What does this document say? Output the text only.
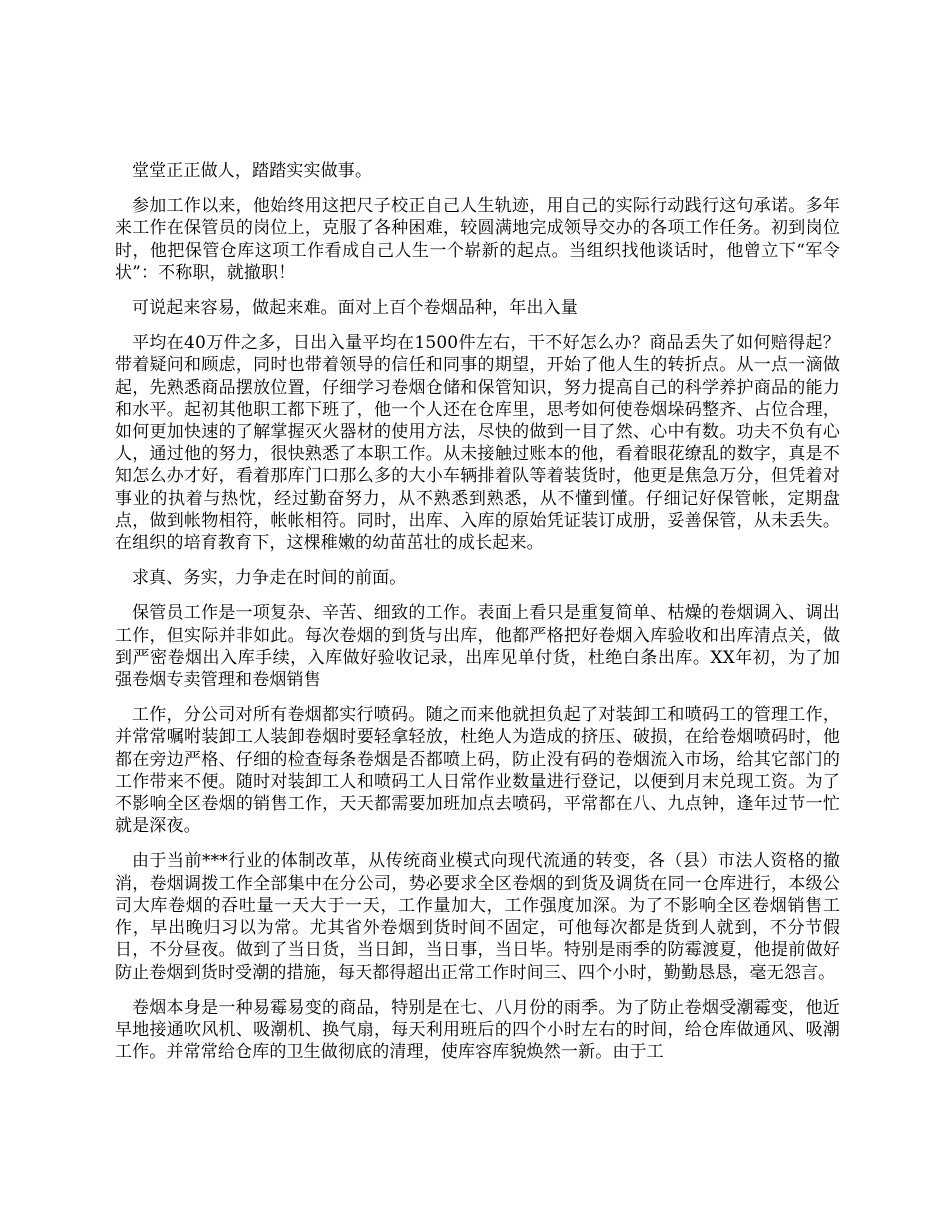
堂堂正正做人，踏踏实实做事。

参加工作以来，他始终用这把尺子校正自己人生轨迹，用自己的实际行动践行这句承诺。多年来工作在保管员的岗位上，克服了各种困难，较圆满地完成领导交办的各项工作任务。初到岗位时，他把保管仓库这项工作看成自己人生一个崭新的起点。当组织找他谈话时，他曾立下“军令状”：不称职，就撤职！

可说起来容易，做起来难。面对上百个卷烟品种，年出入量

平均在40万件之多，日出入量平均在1500件左右，干不好怎么办？商品丢失了如何赔得起？带着疑问和顾虑，同时也带着领导的信任和同事的期望，开始了他人生的转折点。从一点一滴做起，先熟悉商品摆放位置，仔细学习卷烟仓储和保管知识，努力提高自己的科学养护商品的能力和水平。起初其他职工都下班了，他一个人还在仓库里，思考如何使卷烟垛码整齐、占位合理，如何更加快速的了解掌握灭火器材的使用方法，尽快的做到一目了然、心中有数。功夫不负有心人，通过他的努力，很快熟悉了本职工作。从未接触过账本的他，看着眼花缭乱的数字，真是不知怎么办才好，看着那库门口那么多的大小车辆排着队等着装货时，他更是焦急万分，但凭着对事业的执着与热忱，经过勤奋努力，从不熟悉到熟悉，从不懂到懂。仔细记好保管帐，定期盘点，做到帐物相符，帐帐相符。同时，出库、入库的原始凭证装订成册，妥善保管，从未丢失。在组织的培育教育下，这棵稚嫩的幼苗茁壮的成长起来。

求真、务实，力争走在时间的前面。

保管员工作是一项复杂、辛苦、细致的工作。表面上看只是重复简单、枯燥的卷烟调入、调出工作，但实际并非如此。每次卷烟的到货与出库，他都严格把好卷烟入库验收和出库清点关，做到严密卷烟出入库手续，入库做好验收记录，出库见单付货，杜绝白条出库。XX年初，为了加强卷烟专卖管理和卷烟销售

工作，分公司对所有卷烟都实行喷码。随之而来他就担负起了对装卸工和喷码工的管理工作，并常常嘱咐装卸工人装卸卷烟时要轻拿轻放，杜绝人为造成的挤压、破损，在给卷烟喷码时，他都在旁边严格、仔细的检查每条卷烟是否都喷上码，防止没有码的卷烟流入市场，给其它部门的工作带来不便。随时对装卸工人和喷码工人日常作业数量进行登记，以便到月末兑现工资。为了不影响全区卷烟的销售工作，天天都需要加班加点去喷码，平常都在八、九点钟，逢年过节一忙就是深夜。

由于当前***行业的体制改革，从传统商业模式向现代流通的转变，各（县）市法人资格的撤消，卷烟调拨工作全部集中在分公司，势必要求全区卷烟的到货及调货在同一仓库进行，本级公司大库卷烟的吞吐量一天大于一天，工作量加大，工作强度加深。为了不影响全区卷烟销售工作，早出晚归习以为常。尤其省外卷烟到货时间不固定，可他每次都是货到人就到，不分节假日，不分昼夜。做到了当日货，当日卸，当日事，当日毕。特别是雨季的防霉渡夏，他提前做好防止卷烟到货时受潮的措施，每天都得超出正常工作时间三、四个小时，勤勤恳恳，毫无怨言。

卷烟本身是一种易霉易变的商品，特别是在七、八月份的雨季。为了防止卷烟受潮霉变，他近早地接通吹风机、吸潮机、换气扇，每天利用班后的四个小时左右的时间，给仓库做通风、吸潮工作。并常常给仓库的卫生做彻底的清理，使库容库貌焕然一新。由于工
